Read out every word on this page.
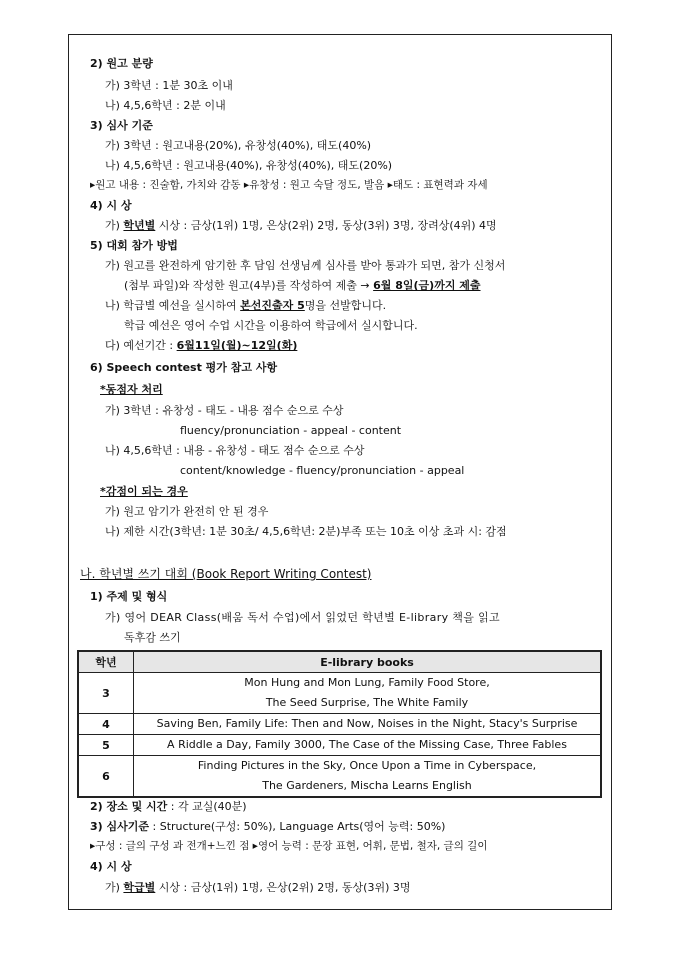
2) 원고 분량
가) 3학년 : 1분 30초 이내
나) 4,5,6학년 : 2분 이내
3) 심사 기준
가) 3학년 : 원고내용(20%), 유창성(40%), 태도(40%)
나) 4,5,6학년 : 원고내용(40%), 유창성(40%), 태도(20%)
▸원고 내용 : 진술함, 가치와 감동 ▸유창성 : 원고 숙달 정도, 발음 ▸태도 : 표현력과 자세
4) 시 상
가) 학년별 시상 : 금상(1위) 1명, 은상(2위) 2명, 동상(3위) 3명, 장려상(4위) 4명
5) 대회 참가 방법
가) 원고를 완전하게 암기한 후 담임 선생님께 심사를 받아 통과가 되면, 참가 신청서
(첨부 파일)와 작성한 원고(4부)를 작성하여 제출 → 6월 8일(금)까지 제출
나) 학급별 예선을 실시하여 본선진출자 5명을 선발합니다.
학급 예선은 영어 수업 시간을 이용하여 학급에서 실시합니다.
다) 예선기간 : 6월11일(월)~12일(화)
6) Speech contest 평가 참고 사항
*동점자 처리
가) 3학년 : 유창성 - 태도 - 내용 점수 순으로 수상
fluency/pronunciation - appeal - content
나) 4,5,6학년 : 내용 - 유창성 - 태도 점수 순으로 수상
content/knowledge - fluency/pronunciation - appeal
*감점이 되는 경우
가) 원고 암기가 완전히 안 된 경우
나) 제한 시간(3학년: 1분 30초/ 4,5,6학년: 2분)부족 또는 10초 이상 초과 시: 감점
나. 학년별 쓰기 대회 (Book Report Writing Contest)
1) 주제 및 형식
가) 영어 DEAR Class(배움 독서 수업)에서 읽었던 학년별 E-library 책을 읽고
독후감 쓰기
학년	E-library books
3	Mon Hung and Mon Lung, Family Food Store,
The Seed Surprise, The White Family

4	Saving Ben, Family Life: Then and Now, Noises in the Night, Stacy's Surprise

5	A Riddle a Day, Family 3000, The Case of the Missing Case, Three Fables

6	Finding Pictures in the Sky, Once Upon a Time in Cyberspace,
The Gardeners, Mischa Learns English
2) 장소 및 시간 : 각 교실(40분)
3) 심사기준 : Structure(구성: 50%), Language Arts(영어 능력: 50%)
▸구성 : 글의 구성 과 전개+느낀 점 ▸영어 능력 : 문장 표현, 어휘, 문법, 철자, 글의 길이
4) 시 상
가) 학급별 시상 : 금상(1위) 1명, 은상(2위) 2명, 동상(3위) 3명
